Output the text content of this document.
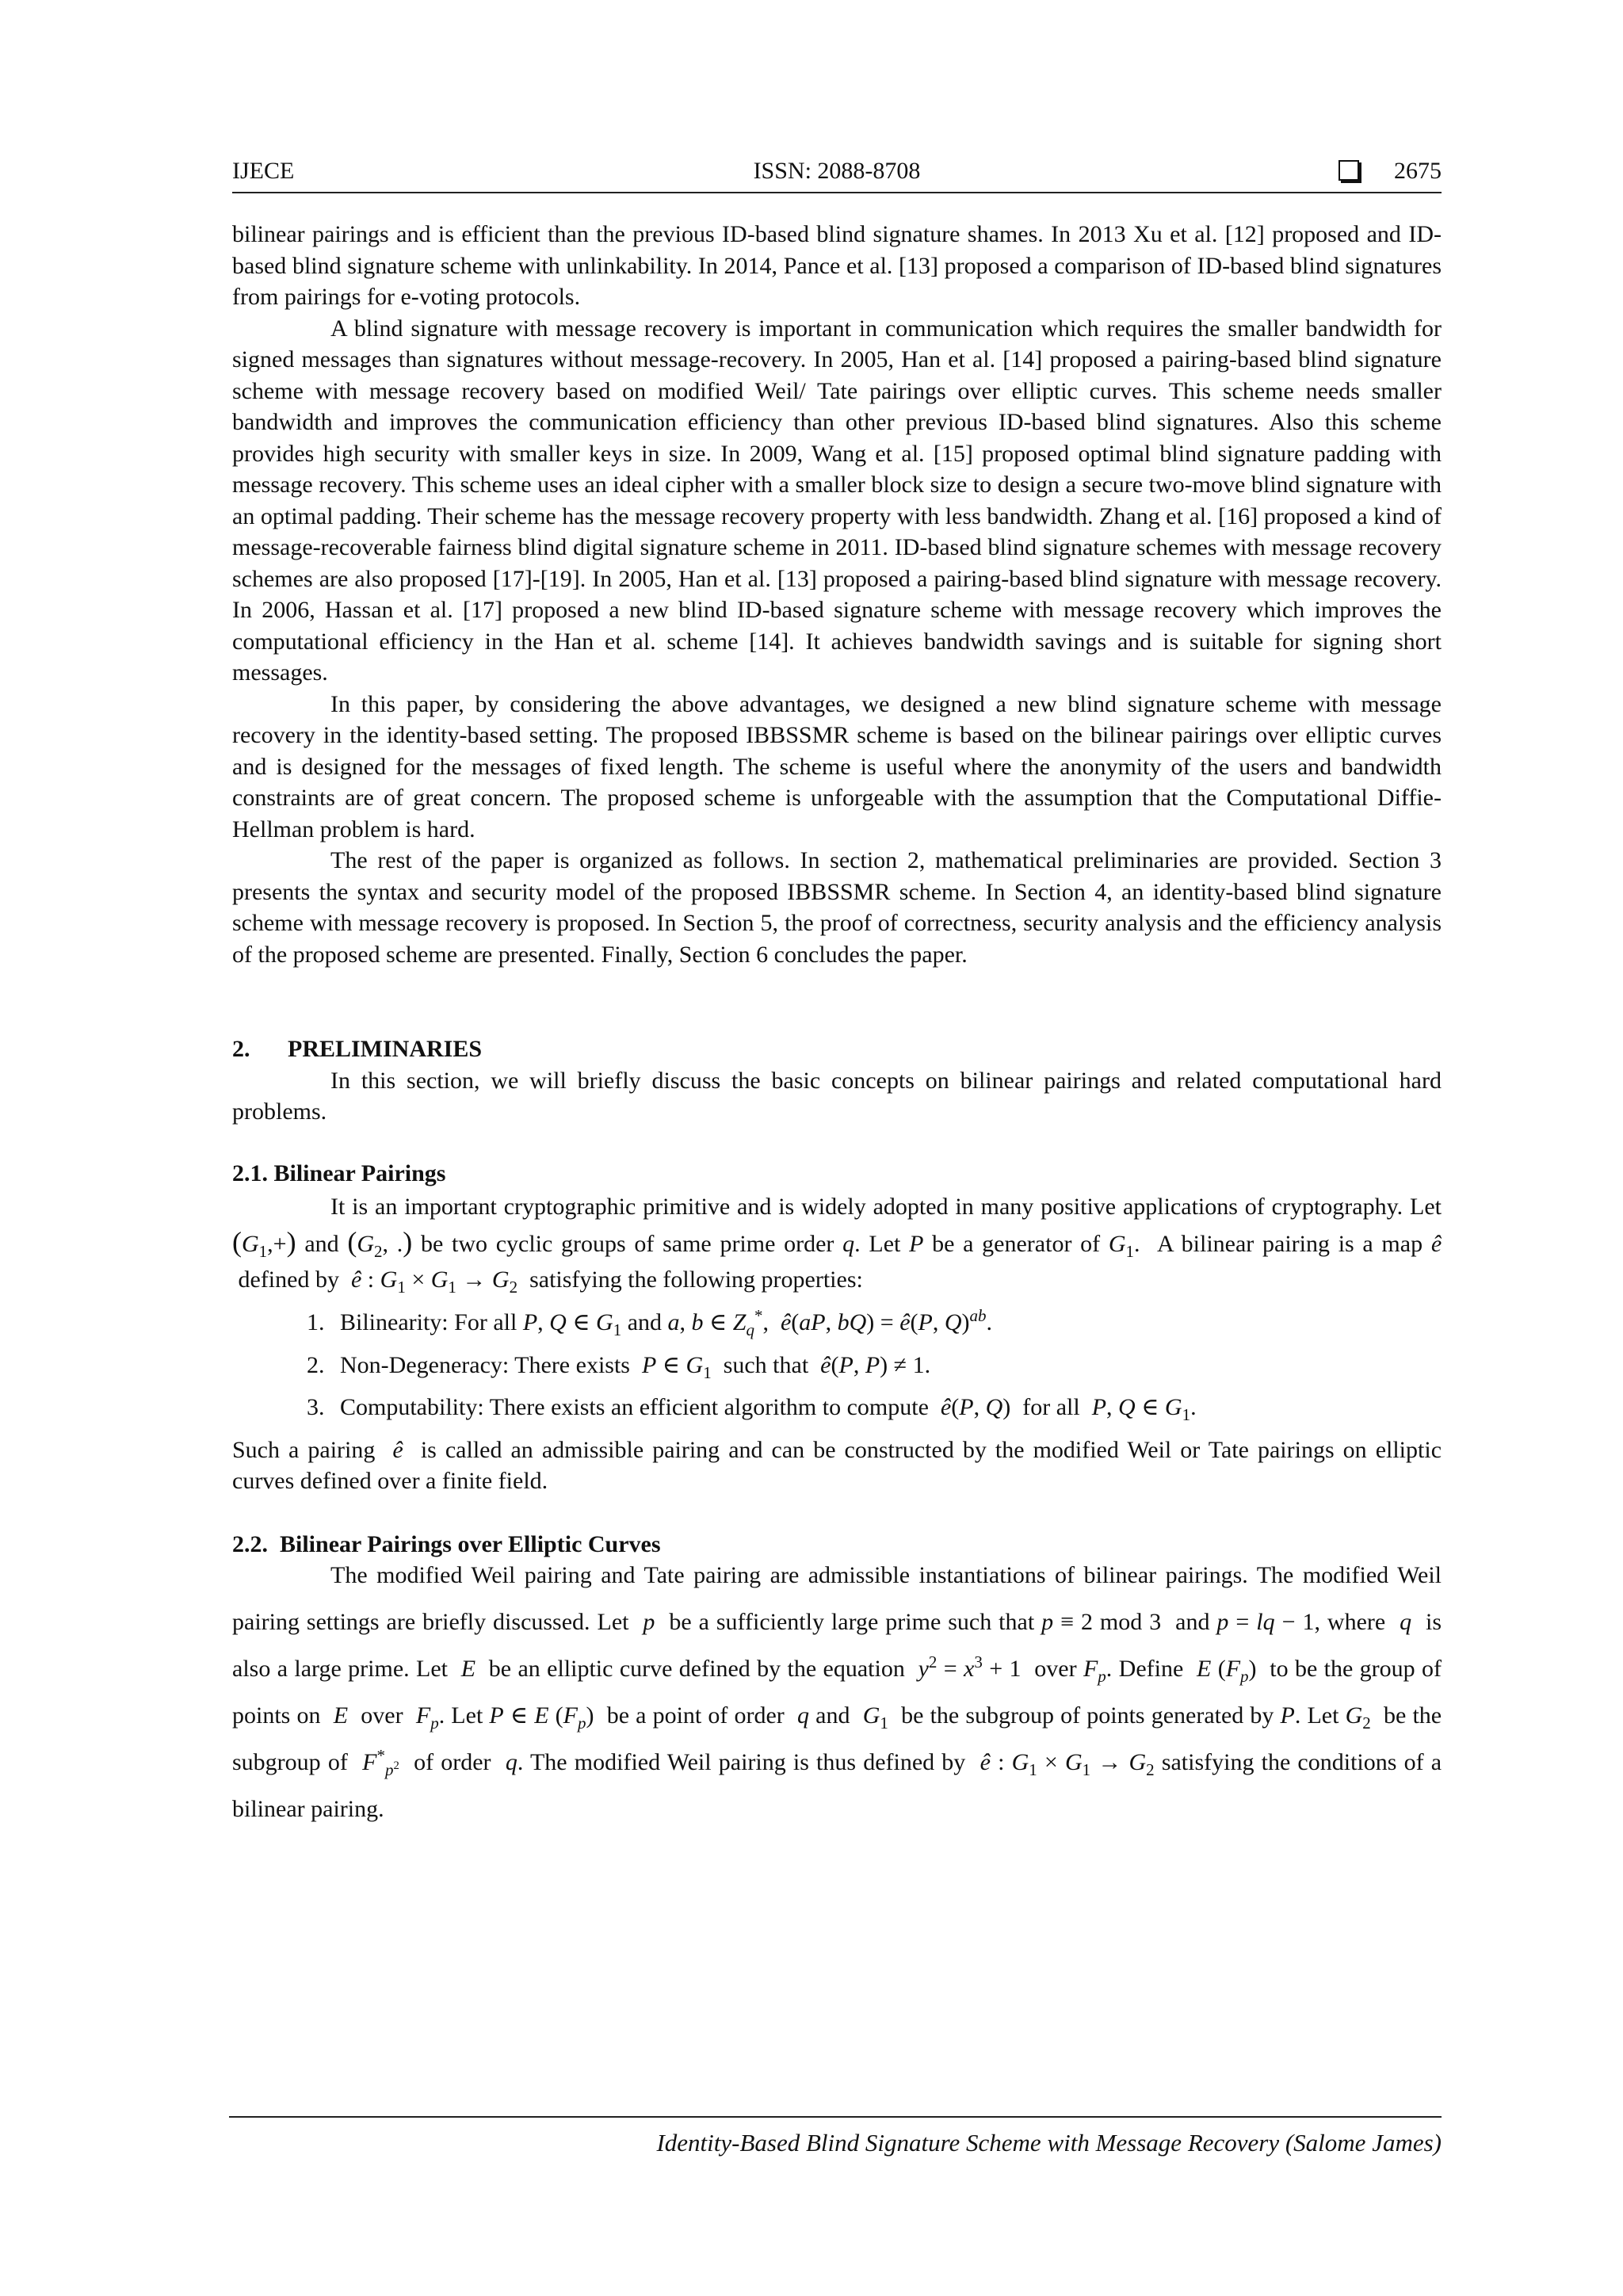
IJECE	ISSN: 2088-8708	2675

bilinear pairings and is efficient than the previous ID-based blind signature shames. In 2013 Xu et al. [12] proposed and ID-based blind signature scheme with unlinkability. In 2014, Pance et al. [13] proposed a comparison of ID-based blind signatures from pairings for e-voting protocols.

A blind signature with message recovery is important in communication which requires the smaller bandwidth for signed messages than signatures without message-recovery. In 2005, Han et al. [14] proposed a pairing-based blind signature scheme with message recovery based on modified Weil/ Tate pairings over elliptic curves. This scheme needs smaller bandwidth and improves the communication efficiency than other previous ID-based blind signatures. Also this scheme provides high security with smaller keys in size. In 2009, Wang et al. [15] proposed optimal blind signature padding with message recovery. This scheme uses an ideal cipher with a smaller block size to design a secure two-move blind signature with an optimal padding. Their scheme has the message recovery property with less bandwidth. Zhang et al. [16] proposed a kind of message-recoverable fairness blind digital signature scheme in 2011. ID-based blind signature schemes with message recovery schemes are also proposed [17]-[19]. In 2005, Han et al. [13] proposed a pairing-based blind signature with message recovery. In 2006, Hassan et al. [17] proposed a new blind ID-based signature scheme with message recovery which improves the computational efficiency in the Han et al. scheme [14]. It achieves bandwidth savings and is suitable for signing short messages.

In this paper, by considering the above advantages, we designed a new blind signature scheme with message recovery in the identity-based setting. The proposed IBBSSMR scheme is based on the bilinear pairings over elliptic curves and is designed for the messages of fixed length. The scheme is useful where the anonymity of the users and bandwidth constraints are of great concern. The proposed scheme is unforgeable with the assumption that the Computational Diffie-Hellman problem is hard.

The rest of the paper is organized as follows. In section 2, mathematical preliminaries are provided. Section 3 presents the syntax and security model of the proposed IBBSSMR scheme. In Section 4, an identity-based blind signature scheme with message recovery is proposed. In Section 5, the proof of correctness, security analysis and the efficiency analysis of the proposed scheme are presented. Finally, Section 6 concludes the paper.

2. PRELIMINARIES

In this section, we will briefly discuss the basic concepts on bilinear pairings and related computational hard problems.

2.1. Bilinear Pairings

It is an important cryptographic primitive and is widely adopted in many positive applications of cryptography. Let $(G_1,+)$ and ($G_2$, .) be two cyclic groups of same prime order q. Let P be a generator of $G_1$.  A bilinear pairing is a map ê  defined by ê : $G_1 \times G_1 \to G_2$ satisfying the following properties:

1. Bilinearity: For all P, Q ∈ $G_1$ and a, b ∈ $Z_q^*$,  ê(aP, bQ) = ê(P, Q)$^{ab}$.
2. Non-Degeneracy: There exists P ∈ $G_1$ such that ê(P, P) ≠ 1.
3. Computability: There exists an efficient algorithm to compute ê(P, Q)  for all P, Q ∈ $G_1$.

Such a pairing ê is called an admissible pairing and can be constructed by the modified Weil or Tate pairings on elliptic curves defined over a finite field.

2.2. Bilinear Pairings over Elliptic Curves

The modified Weil pairing and Tate pairing are admissible instantiations of bilinear pairings. The modified Weil pairing settings are briefly discussed. Let p be a sufficiently large prime such that p ≡ 2 mod 3  and p = lq − 1, where q is also a large prime. Let E be an elliptic curve defined by the equation $y^2 = x^3 + 1$  over $F_p$. Define E $(F_p)$  to be the group of points on E over $F_p$. Let P ∈ E $(F_p)$  be a point of order q and $G_1$ be the subgroup of points generated by P. Let $G_2$ be the subgroup of $F^*_{p^2}$ of order q. The modified Weil pairing is thus defined by ê : $G_1 \times G_1 \to G_2$ satisfying the conditions of a bilinear pairing.

Identity-Based Blind Signature Scheme with Message Recovery (Salome James)
